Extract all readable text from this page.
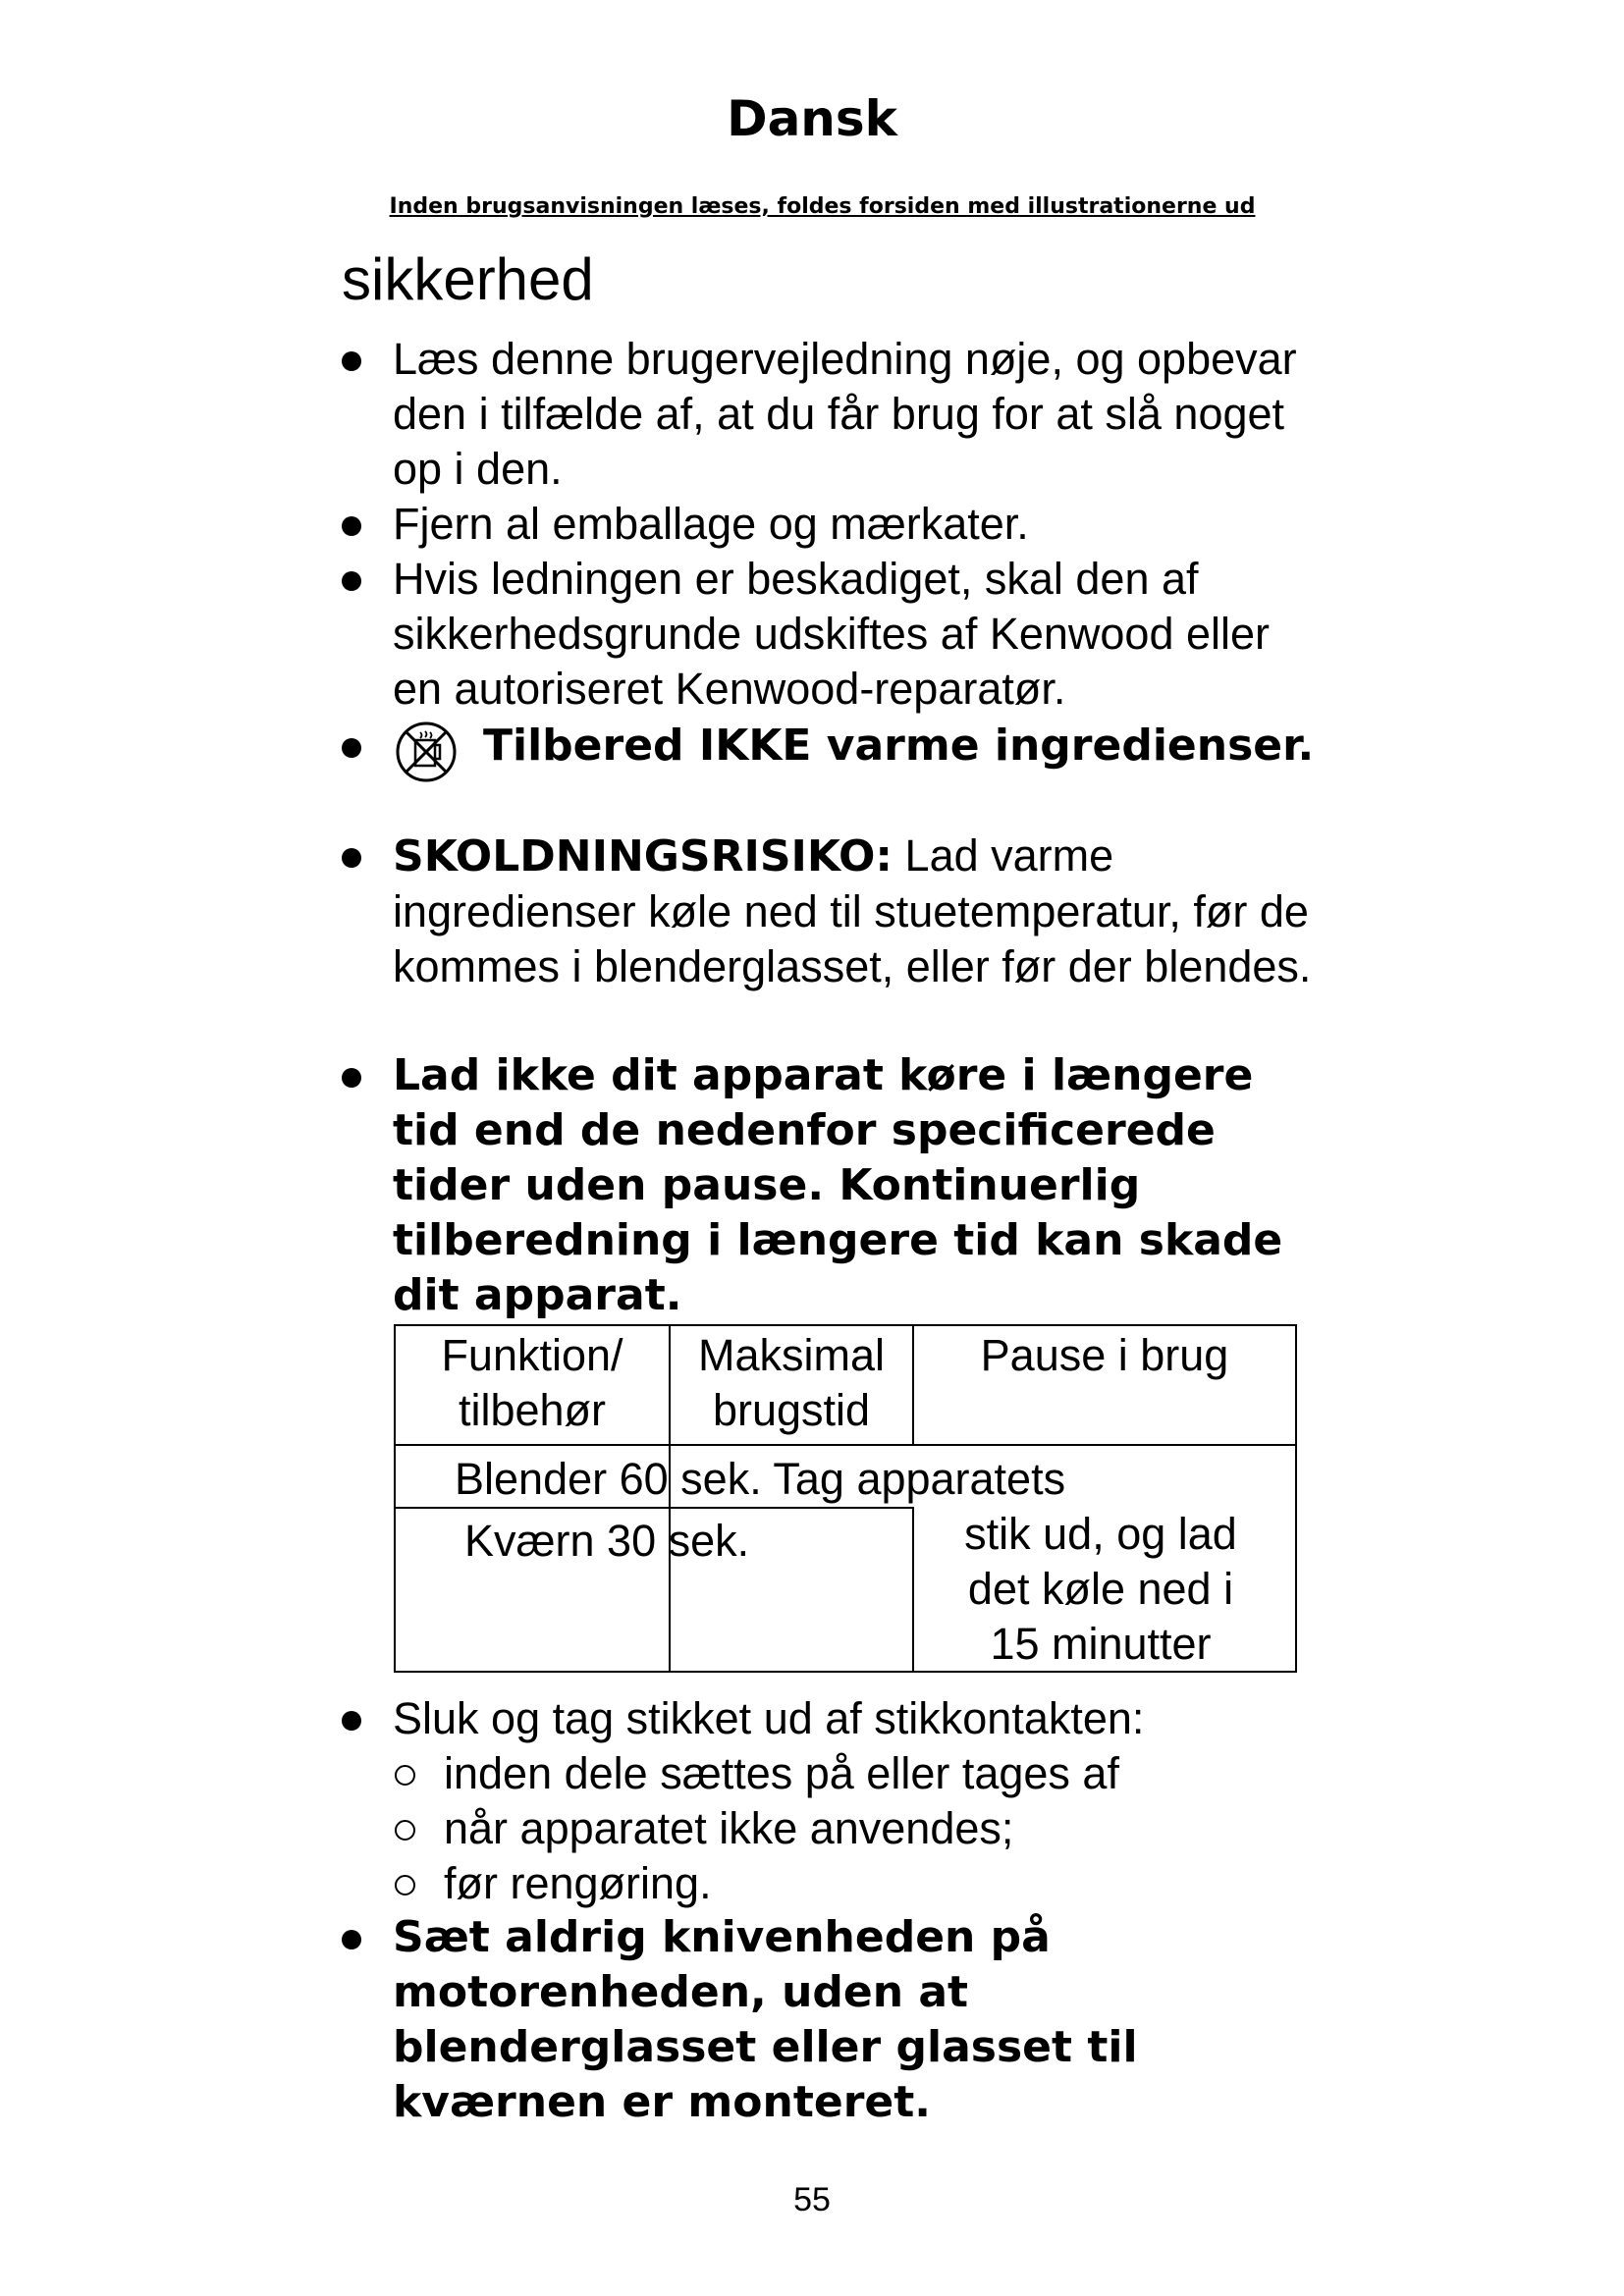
Dansk
Inden brugsanvisningen læses, foldes forsiden med illustrationerne ud
sikkerhed
Læs denne brugervejledning nøje, og opbevar den i tilfælde af, at du får brug for at slå noget op i den.
Fjern al emballage og mærkater.
Hvis ledningen er beskadiget, skal den af sikkerhedsgrunde udskiftes af Kenwood eller en autoriseret Kenwood-reparatør.
Tilbered IKKE varme ingredienser.
SKOLDNINGSRISIKO: Lad varme ingredienser køle ned til stuetemperatur, før de kommes i blenderglasset, eller før der blendes.
Lad ikke dit apparat køre i længere tid end de nedenfor specificerede tider uden pause. Kontinuerlig tilberedning i længere tid kan skade dit apparat.
Funktion/ tilbehør
Maksimal brugstid
Pause i brug
Blender 60 sek. Tag apparatets
Kværn 30 sek.	stik ud, og lad det køle ned i 15 minutter
Sluk og tag stikket ud af stikkontakten:
inden dele sættes på eller tages af
når apparatet ikke anvendes;
før rengøring.
Sæt aldrig knivenheden på motorenheden, uden at blenderglasset eller glasset til kværnen er monteret.
55
